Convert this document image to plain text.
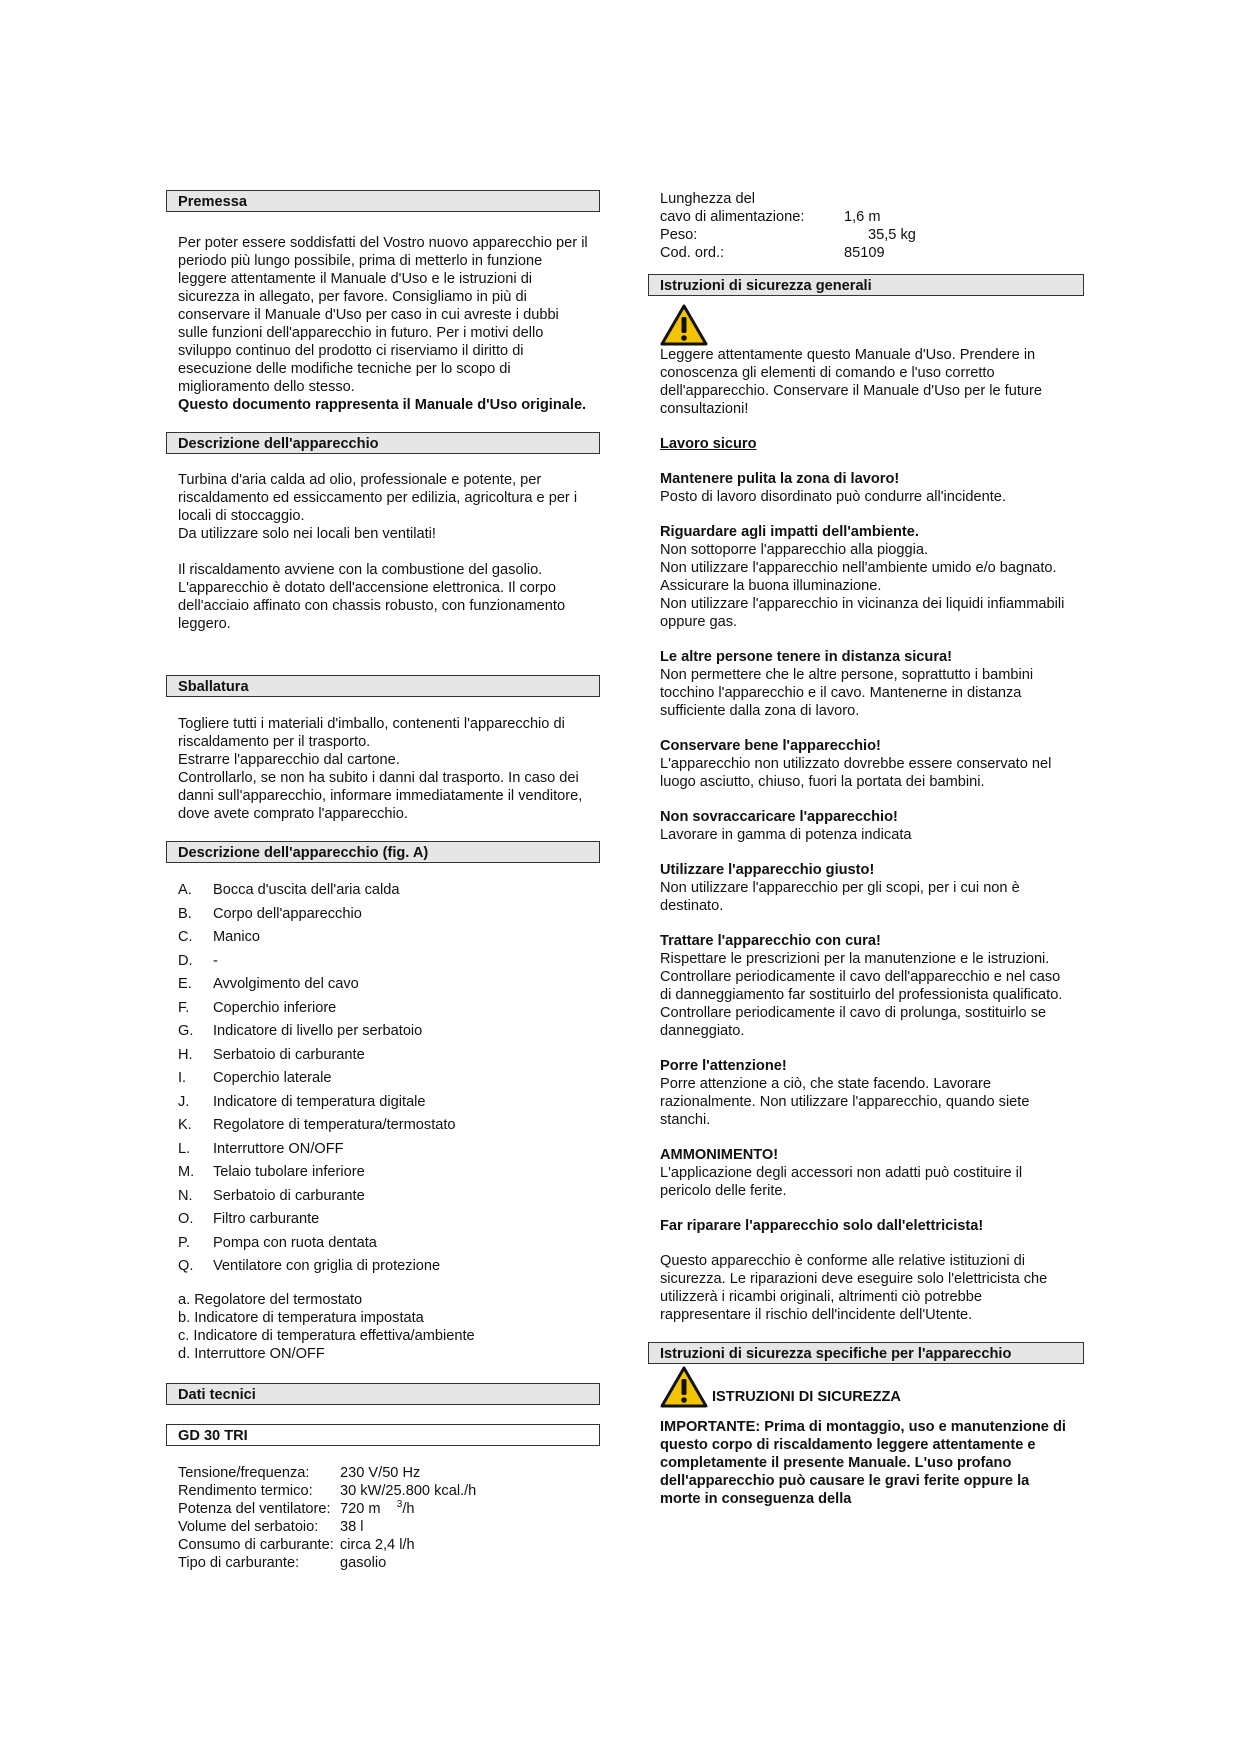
Premessa

Per poter essere soddisfatti del Vostro nuovo apparecchio per il periodo più lungo possibile, prima di metterlo in funzione leggere attentamente il Manuale d'Uso e le istruzioni di sicurezza in allegato, per favore. Consigliamo in più di conservare il Manuale d'Uso per caso in cui avreste i dubbi sulle funzioni dell'apparecchio in futuro. Per i motivi dello sviluppo continuo del prodotto ci riserviamo il diritto di esecuzione delle modifiche tecniche per lo scopo di miglioramento dello stesso.

Questo documento rappresenta il Manuale d'Uso originale.

Descrizione dell'apparecchio

Turbina d'aria calda ad olio, professionale e potente, per riscaldamento ed essiccamento per edilizia, agricoltura e per i locali di stoccaggio.

Da utilizzare solo nei locali ben ventilati!

Il riscaldamento avviene con la combustione del gasolio. L'apparecchio è dotato dell'accensione elettronica. Il corpo dell'acciaio affinato con chassis robusto, con funzionamento leggero.

Sballatura

Togliere tutti i materiali d'imballo, contenenti l'apparecchio di riscaldamento per il trasporto.

Estrarre l'apparecchio dal cartone.

Controllarlo, se non ha subito i danni dal trasporto. In caso dei danni sull'apparecchio, informare immediatamente il venditore, dove avete comprato l'apparecchio.

Descrizione dell'apparecchio (fig. A)
A.	Bocca d'uscita dell'aria calda
B.	Corpo dell'apparecchio
C.	Manico
D.	-
E.	Avvolgimento del cavo
F.	Coperchio inferiore
G.	Indicatore di livello per serbatoio
H.	Serbatoio di carburante
I.	Coperchio laterale
J.	Indicatore di temperatura digitale
K.	Regolatore di temperatura/termostato
L.	Interruttore ON/OFF
M.	Telaio tubolare inferiore
N.	Serbatoio di carburante
O.	Filtro carburante
P.	Pompa con ruota dentata
Q.	Ventilatore con griglia di protezione

a. Regolatore del termostato

b. Indicatore di temperatura impostata

c. Indicatore di temperatura effettiva/ambiente

d. Interruttore ON/OFF

Dati tecnici
GD 30 TRI
Tensione/frequenza:	230 V/50 Hz
Rendimento termico:	30 kW/25.800 kcal./h
Potenza del ventilatore: 720 m $^3$/h
Volume del serbatoio:	38 l
Consumo di carburante: circa 2,4 l/h
Tipo di carburante:	gasolio
Lunghezza del
cavo di alimentazione:	1,6 m
Peso:	35,5 kg
Cod. ord.:	85109
Istruzioni di sicurezza generali

Leggere attentamente questo Manuale d'Uso. Prendere in conoscenza gli elementi di comando e l'uso corretto dell'apparecchio. Conservare il Manuale d'Uso per le future consultazioni!

Lavoro sicuro

Mantenere pulita la zona di lavoro!

Posto di lavoro disordinato può condurre all'incidente.

Riguardare agli impatti dell'ambiente.

Non sottoporre l'apparecchio alla pioggia.
Non utilizzare l'apparecchio nell'ambiente umido e/o bagnato.
Assicurare la buona illuminazione.
Non utilizzare l'apparecchio in vicinanza dei liquidi infiammabili oppure gas.

Le altre persone tenere in distanza sicura!

Non permettere che le altre persone, soprattutto i bambini tocchino l'apparecchio e il cavo. Mantenerne in distanza sufficiente dalla zona di lavoro.

Conservare bene l'apparecchio!

L'apparecchio non utilizzato dovrebbe essere conservato nel luogo asciutto, chiuso, fuori la portata dei bambini.

Non sovraccaricare l'apparecchio!

Lavorare in gamma di potenza indicata

Utilizzare l'apparecchio giusto!

Non utilizzare l'apparecchio per gli scopi, per i cui non è destinato.

Trattare l'apparecchio con cura!

Rispettare le prescrizioni per la manutenzione e le istruzioni.
Controllare periodicamente il cavo dell'apparecchio e nel caso di danneggiamento far sostituirlo del professionista qualificato.
Controllare periodicamente il cavo di prolunga, sostituirlo se danneggiato.

Porre l'attenzione!

Porre attenzione a ciò, che state facendo. Lavorare razionalmente. Non utilizzare l'apparecchio, quando siete stanchi.

AMMONIMENTO!

L'applicazione degli accessori non adatti può costituire il pericolo delle ferite.

Far riparare l'apparecchio solo dall'elettricista!

Questo apparecchio è conforme alle relative istituzioni di sicurezza. Le riparazioni deve eseguire solo l'elettricista che utilizzerà i ricambi originali, altrimenti ciò potrebbe rappresentare il rischio dell'incidente dell'Utente.

Istruzioni di sicurezza specifiche per l'apparecchio
ISTRUZIONI DI SICUREZZA

IMPORTANTE: Prima di montaggio, uso e manutenzione di questo corpo di riscaldamento leggere attentamente e completamente il presente Manuale. L'uso profano dell'apparecchio può causare le gravi ferite oppure la morte in conseguenza della
